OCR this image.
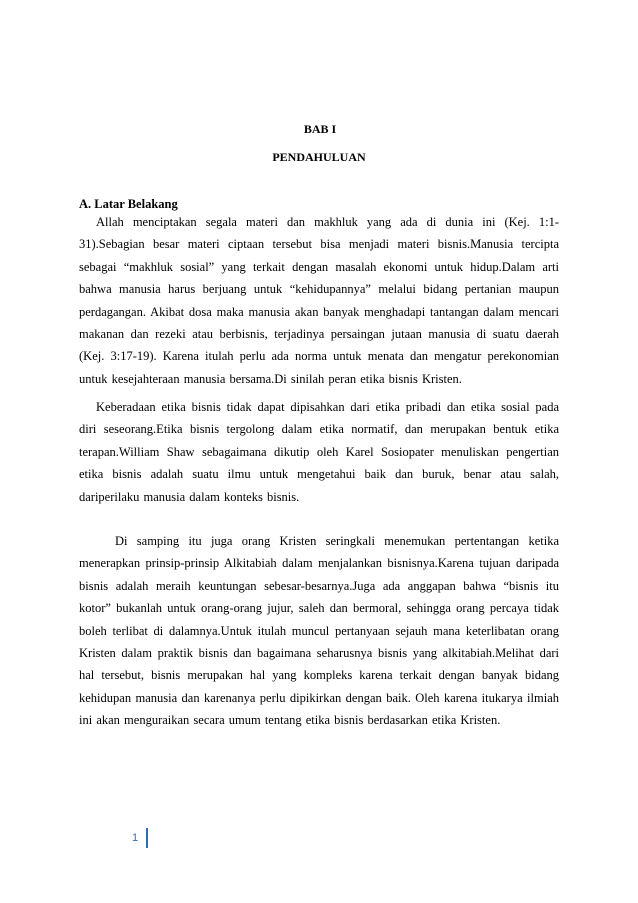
BAB I
PENDAHULUAN
A. Latar Belakang

Allah menciptakan segala materi dan makhluk yang ada di dunia ini (Kej. 1:1-31).Sebagian besar materi ciptaan tersebut bisa menjadi materi bisnis.Manusia tercipta sebagai “makhluk sosial” yang terkait dengan masalah ekonomi untuk hidup.Dalam arti bahwa manusia harus berjuang untuk “kehidupannya” melalui bidang pertanian maupun perdagangan. Akibat dosa maka manusia akan banyak menghadapi tantangan dalam mencari makanan dan rezeki atau berbisnis, terjadinya persaingan jutaan manusia di suatu daerah (Kej. 3:17-19). Karena itulah perlu ada norma untuk menata dan mengatur perekonomian untuk kesejahteraan manusia bersama.Di sinilah peran etika bisnis Kristen.

Keberadaan etika bisnis tidak dapat dipisahkan dari etika pribadi dan etika sosial pada diri seseorang.Etika bisnis tergolong dalam etika normatif, dan merupakan bentuk etika terapan.William Shaw sebagaimana dikutip oleh Karel Sosiopater menuliskan pengertian etika bisnis adalah suatu ilmu untuk mengetahui baik dan buruk, benar atau salah, dariperilaku manusia dalam konteks bisnis.

Di samping itu juga orang Kristen seringkali menemukan pertentangan ketika menerapkan prinsip-prinsip Alkitabiah dalam menjalankan bisnisnya.Karena tujuan daripada bisnis adalah meraih keuntungan sebesar-besarnya.Juga ada anggapan bahwa “bisnis itu kotor” bukanlah untuk orang-orang jujur, saleh dan bermoral, sehingga orang percaya tidak boleh terlibat di dalamnya.Untuk itulah muncul pertanyaan sejauh mana keterlibatan orang Kristen dalam praktik bisnis dan bagaimana seharusnya bisnis yang alkitabiah.Melihat dari hal tersebut, bisnis merupakan hal yang kompleks karena terkait dengan banyak bidang kehidupan manusia dan karenanya perlu dipikirkan dengan baik. Oleh karena itukarya ilmiah ini akan menguraikan secara umum tentang etika bisnis berdasarkan etika Kristen.

1
